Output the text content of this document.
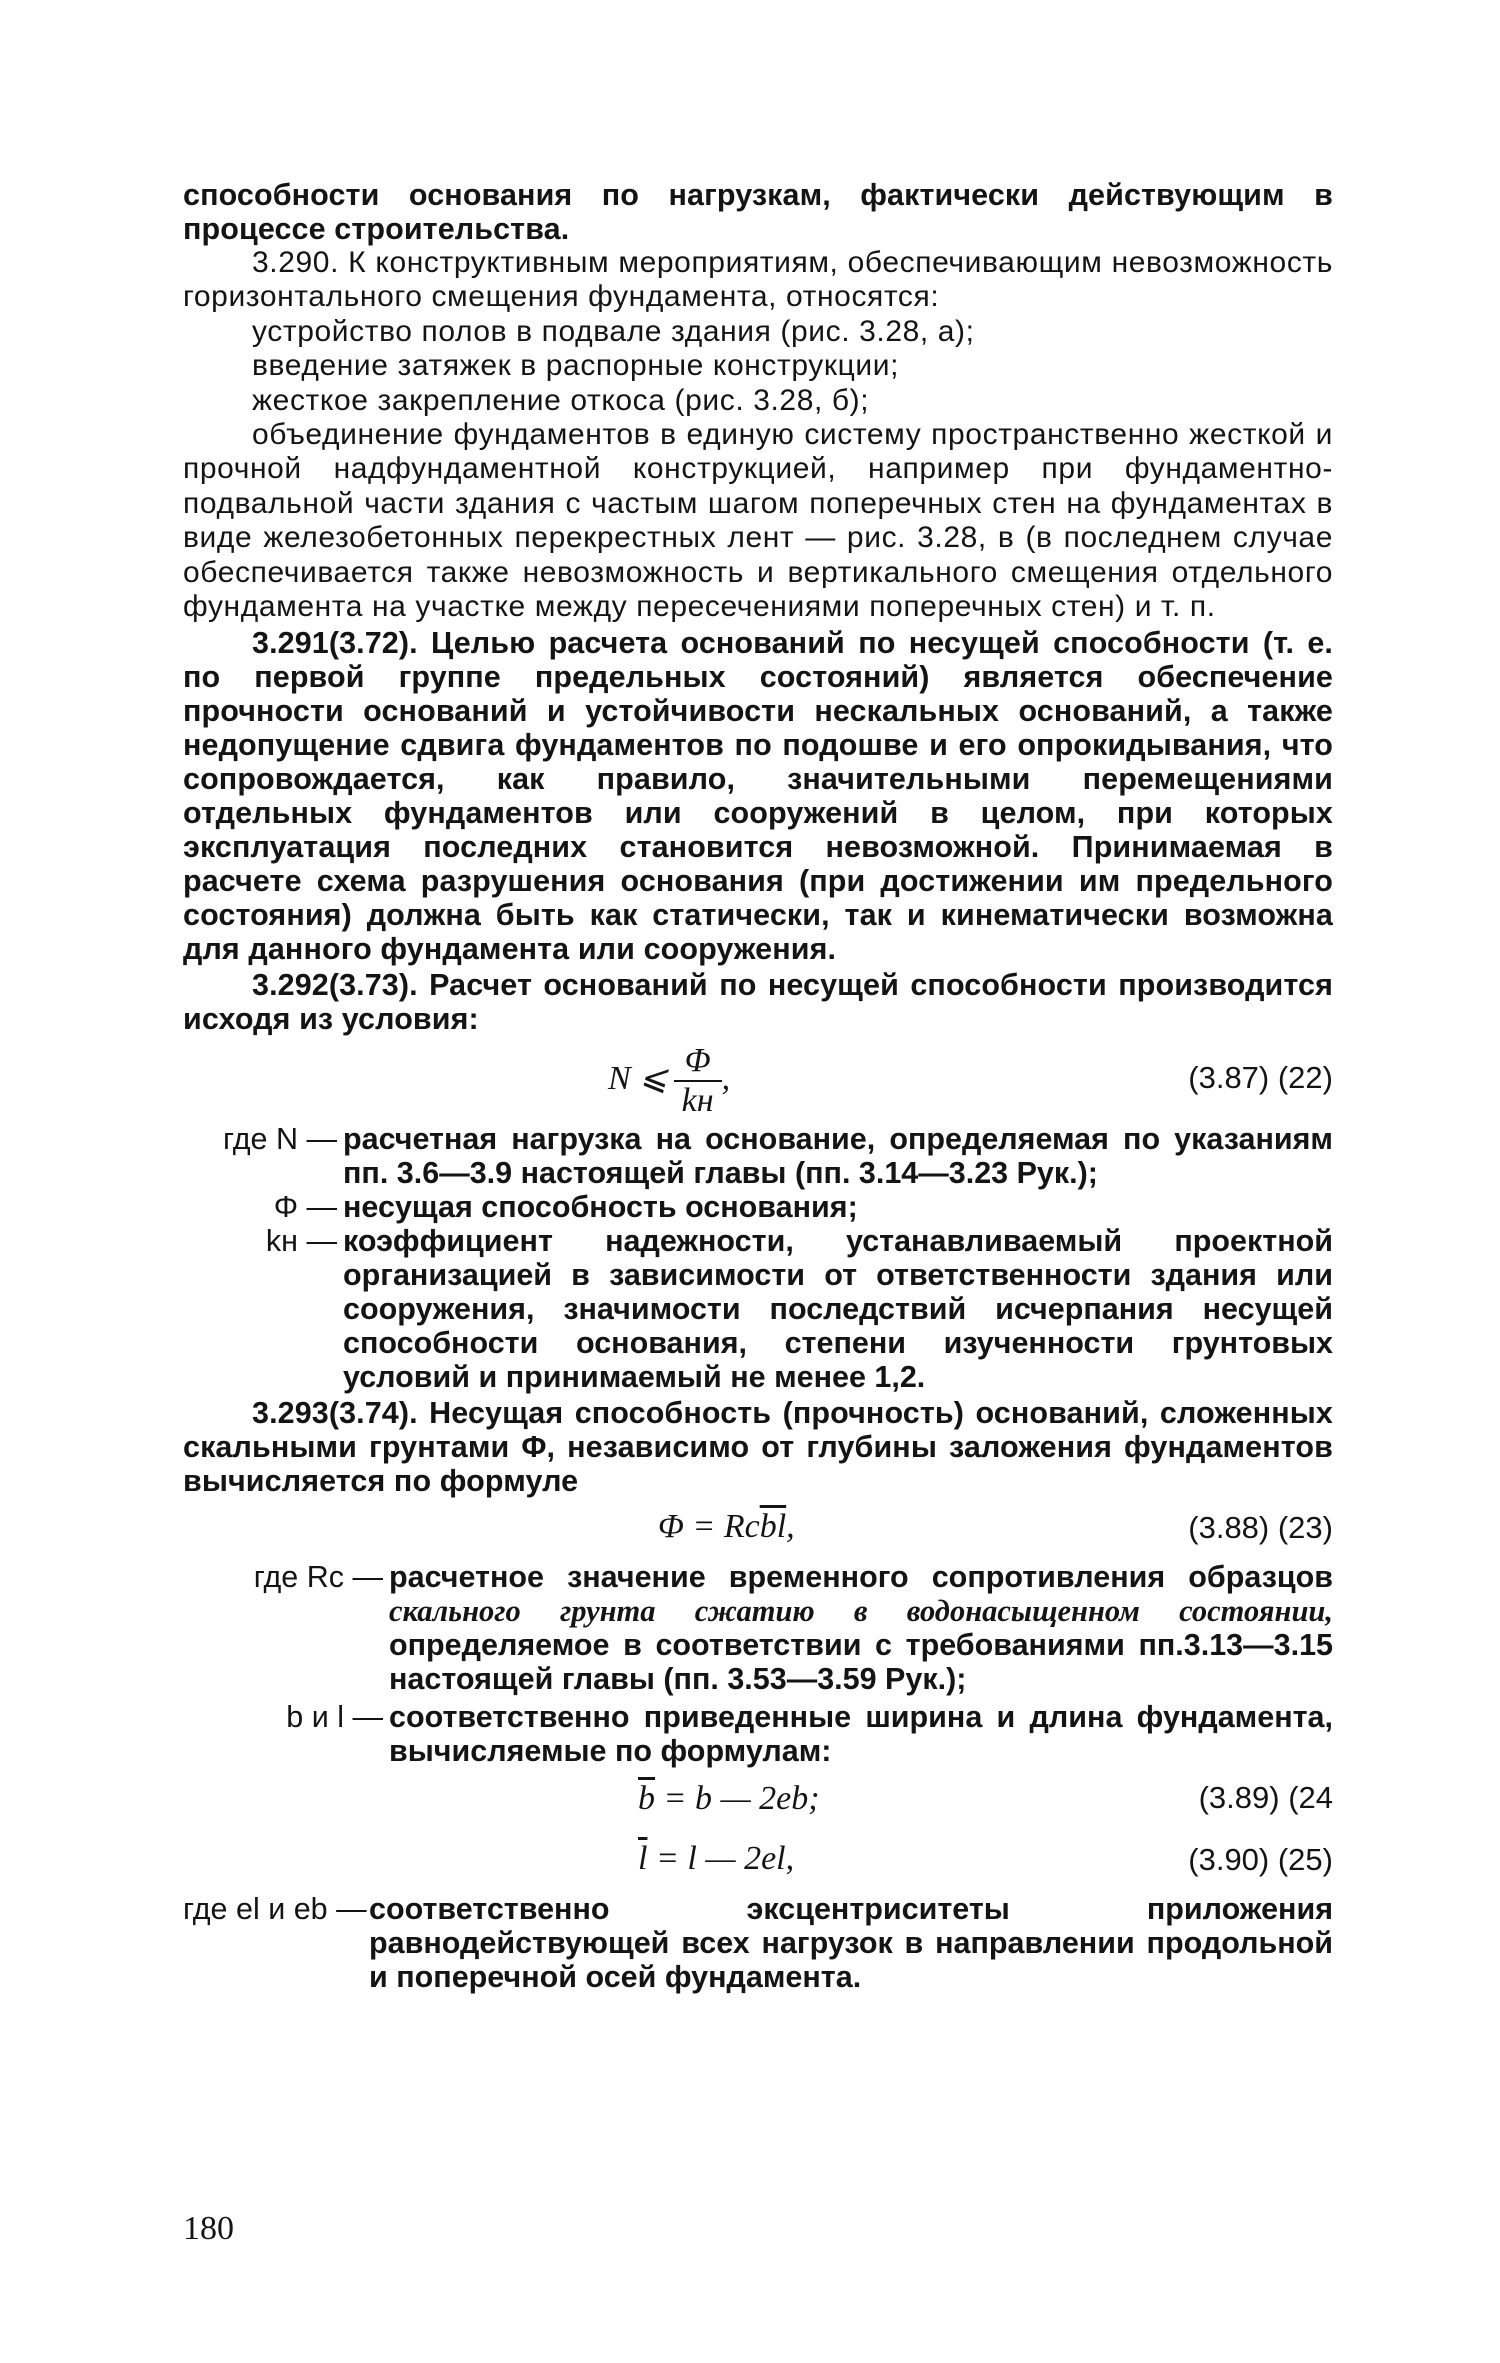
способности основания по нагрузкам, фактически действующим в процессе строительства.

3.290. К конструктивным мероприятиям, обеспечивающим невозможность горизонтального смещения фундамента, относятся:

устройство полов в подвале здания (рис. 3.28, а);

введение затяжек в распорные конструкции;

жесткое закрепление откоса (рис. 3.28, б);

объединение фундаментов в единую систему пространственно жесткой и прочной надфундаментной конструкцией, например при фундаментно-подвальной части здания с частым шагом поперечных стен на фундаментах в виде железобетонных перекрестных лент — рис. 3.28, в (в последнем случае обеспечивается также невозможность и вертикального смещения отдельного фундамента на участке между пересечениями поперечных стен) и т. п.

3.291(3.72). Целью расчета оснований по несущей способности (т. е. по первой группе предельных состояний) является обеспечение прочности оснований и устойчивости нескальных оснований, а также недопущение сдвига фундаментов по подошве и его опрокидывания, что сопровождается, как правило, значительными перемещениями отдельных фундаментов или сооружений в целом, при которых эксплуатация последних становится невозможной. Принимаемая в расчете схема разрушения основания (при достижении им предельного состояния) должна быть как статически, так и кинематически возможна для данного фундамента или сооружения.

3.292(3.73). Расчет оснований по несущей способности производится исходя из условия:

N ⩽ $\frac{\Phi}{kн}$ ,	(3.87) (22)
где N — расчетная нагрузка на основание, определяемая по указаниям пп. 3.6—3.9 настоящей главы (пп. 3.14—3.23 Рук.);
Φ — несущая способность основания;
kн — коэффициент надежности, устанавливаемый проектной организацией в зависимости от ответственности здания или сооружения, значимости последствий исчерпания несущей способности основания, степени изученности грунтовых условий и принимаемый не менее 1,2.

3.293(3.74). Несущая способность (прочность) оснований, сложенных скальными грунтами Φ, независимо от глубины заложения фундаментов вычисляется по формуле

$\Phi = Rс\overline{bl}$,	(3.88) (23)
где Rс — расчетное значение временного сопротивления образцов скального грунта сжатию в водонасыщенном состоянии, определяемое в соответствии с требованиями пп.3.13—3.15 настоящей главы (пп. 3.53—3.59 Рук.);
b и l — соответственно приведенные ширина и длина фундамента, вычисляемые по формулам:
$\overline{b} = b$ — 2eb;	(3.89) (24
$\overline{l} = l$ — 2el,	(3.90) (25)
где el и eb — соответственно эксцентриситеты приложения равнодействующей всех нагрузок в направлении продольной и поперечной осей фундамента.
180
